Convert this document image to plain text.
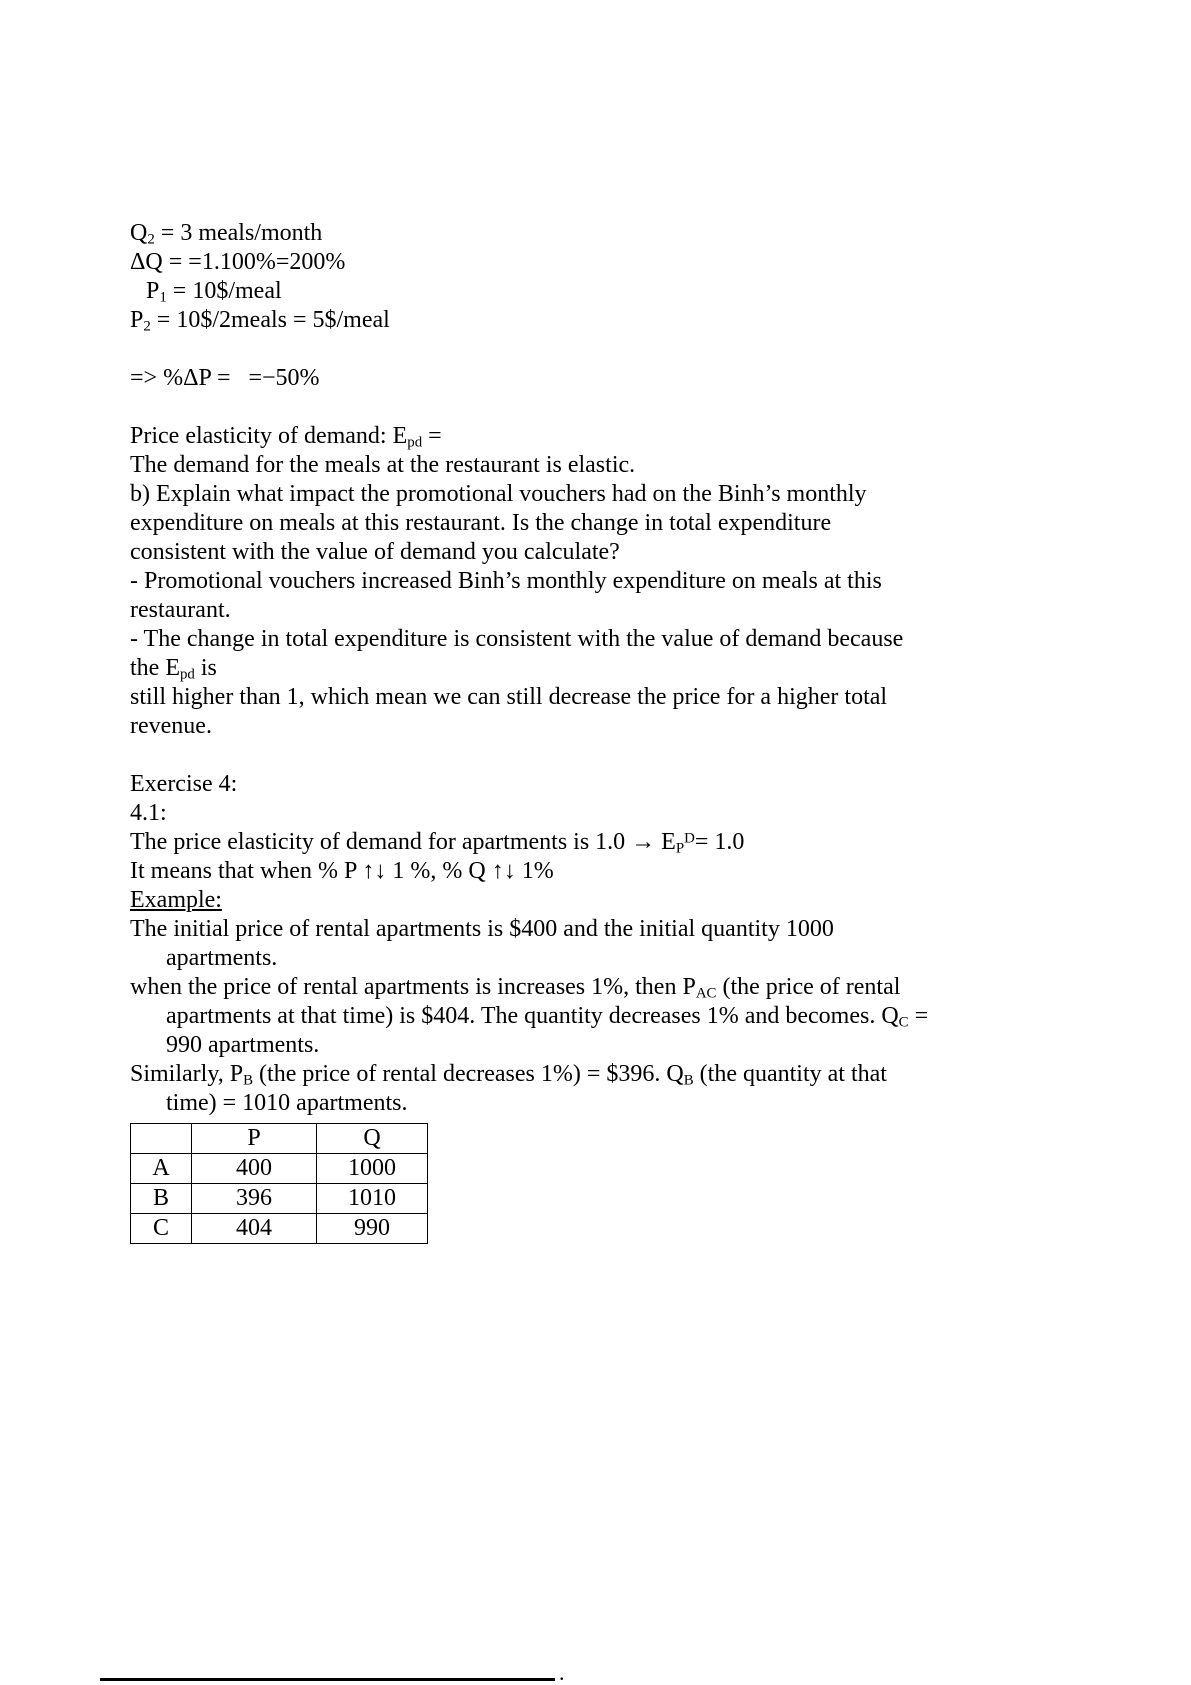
$Q_2 = 3$ meals/month
ΔQ = =1.100%=200%
$P_1$ = 10$/meal
$P_2$ = 10$/2meals = 5$/meal
=> %ΔP =   =−50%
Price elasticity of demand: $E_{pd}$ =
The demand for the meals at the restaurant is elastic.
b) Explain what impact the promotional vouchers had on the Binh’s monthly
expenditure on meals at this restaurant. Is the change in total expenditure
consistent with the value of demand you calculate?
- Promotional vouchers increased Binh’s monthly expenditure on meals at this
restaurant.
- The change in total expenditure is consistent with the value of demand because
the $E_{pd}$ is
still higher than 1, which mean we can still decrease the price for a higher total
revenue.
Exercise 4:
4.1:
The price elasticity of demand for apartments is $1.0 \to E_P^D= 1.0$
It means that when % P ↑↓ 1 %, % Q ↑↓ 1%
Example:
The initial price of rental apartments is $400 and the initial quantity 1000
apartments.
when the price of rental apartments is increases 1%, then $P_{AC}$ (the price of rental
apartments at that time) is $404. The quantity decreases 1% and becomes. $Q_C$ =
990 apartments.
Similarly, $P_B$ (the price of rental decreases 1%) = $396. $Q_B$ (the quantity at that
time) = 1010 apartments.
	P	Q
A	400	1000
B	396	1010
C	404	990
.
